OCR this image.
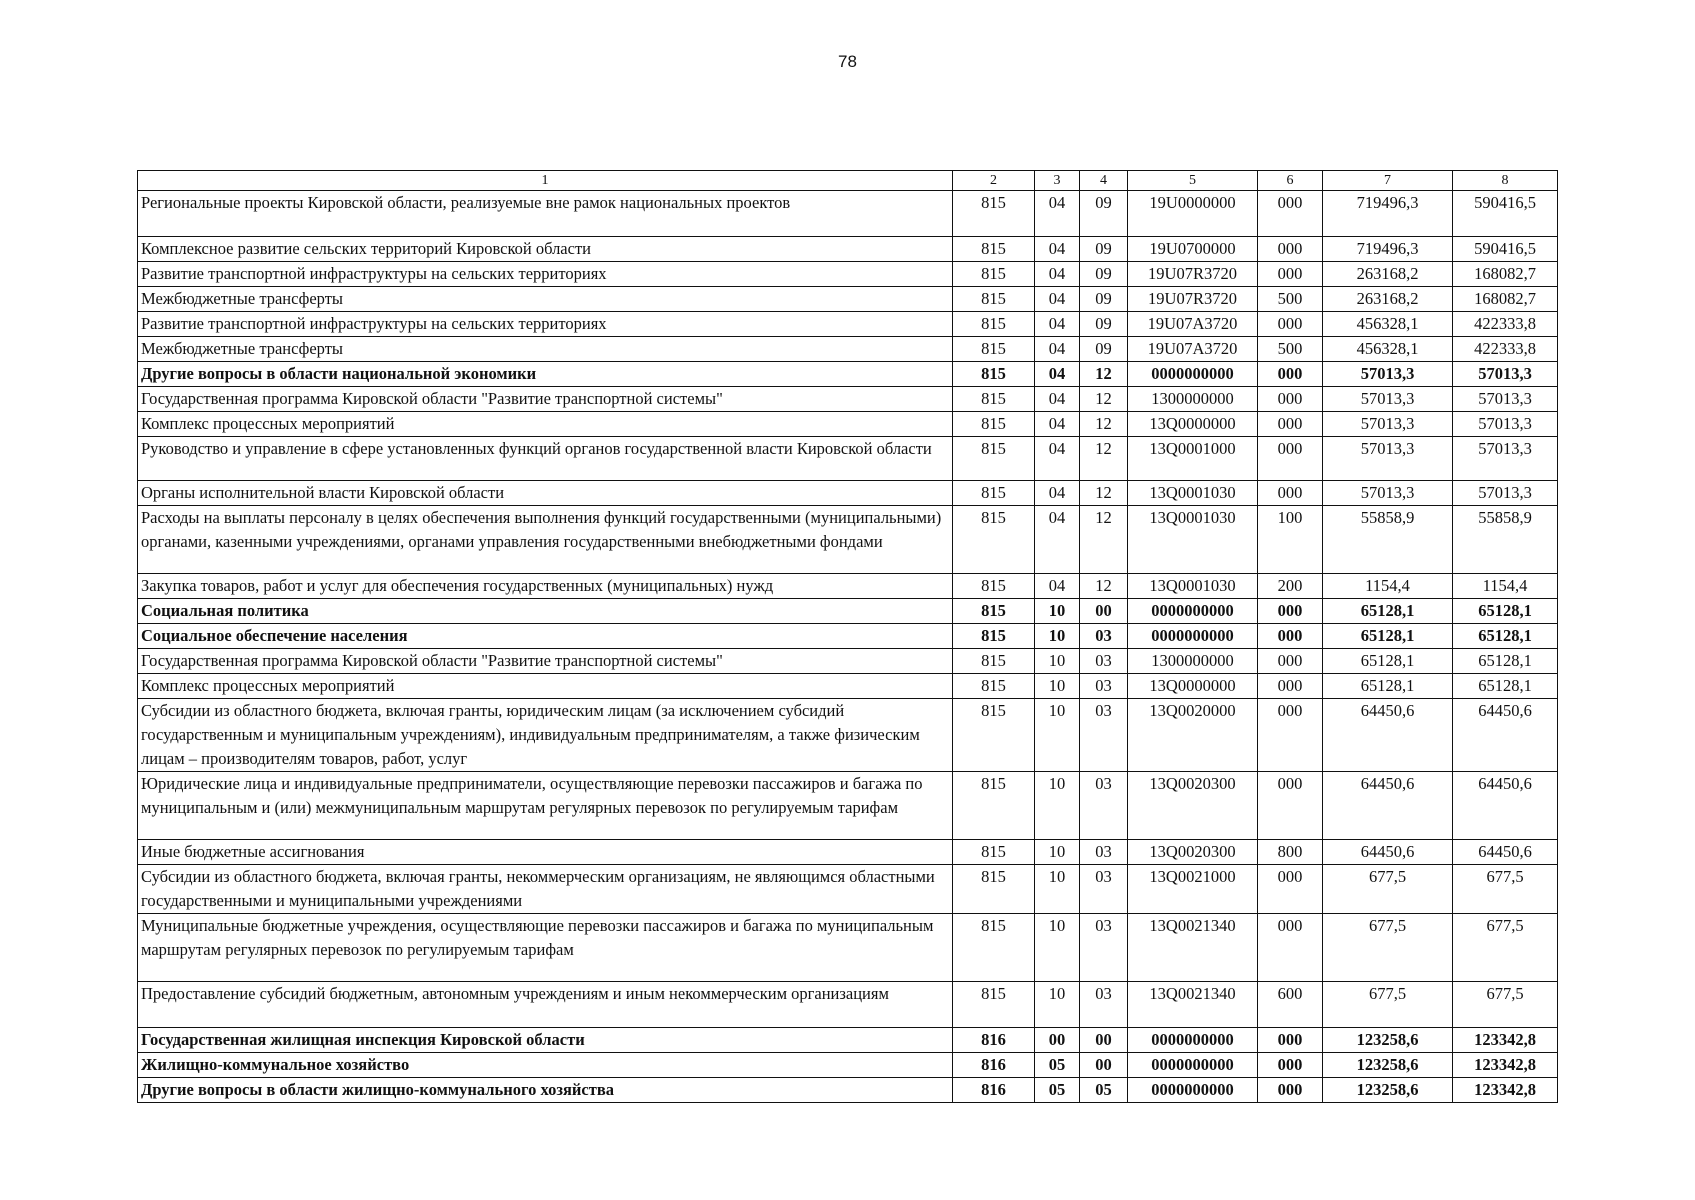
78
1	2	3	4	5	6	7	8
Региональные проекты Кировской области, реализуемые вне рамок национальных проектов	815	04	09	19U0000000	000	719496,3	590416,5
Комплексное развитие сельских территорий Кировской области	815	04	09	19U0700000	000	719496,3	590416,5
Развитие транспортной инфраструктуры на сельских территориях	815	04	09	19U07R3720	000	263168,2	168082,7
Межбюджетные трансферты	815	04	09	19U07R3720	500	263168,2	168082,7
Развитие транспортной инфраструктуры на сельских территориях	815	04	09	19U07A3720	000	456328,1	422333,8
Межбюджетные трансферты	815	04	09	19U07A3720	500	456328,1	422333,8
Другие вопросы в области национальной экономики	815	04	12	0000000000	000	57013,3	57013,3
Государственная программа Кировской области "Развитие транспортной системы"	815	04	12	1300000000	000	57013,3	57013,3
Комплекс процессных мероприятий	815	04	12	13Q0000000	000	57013,3	57013,3
Руководство и управление в сфере установленных функций органов государственной власти Кировской области	815	04	12	13Q0001000	000	57013,3	57013,3
Органы исполнительной власти Кировской области	815	04	12	13Q0001030	000	57013,3	57013,3
Расходы на выплаты персоналу в целях обеспечения выполнения функций государственными (муниципальными) органами, казенными учреждениями, органами управления государственными внебюджетными фондами	815	04	12	13Q0001030	100	55858,9	55858,9
Закупка товаров, работ и услуг для обеспечения государственных (муниципальных) нужд	815	04	12	13Q0001030	200	1154,4	1154,4
Социальная политика	815	10	00	0000000000	000	65128,1	65128,1
Социальное обеспечение населения	815	10	03	0000000000	000	65128,1	65128,1
Государственная программа Кировской области "Развитие транспортной системы"	815	10	03	1300000000	000	65128,1	65128,1
Комплекс процессных мероприятий	815	10	03	13Q0000000	000	65128,1	65128,1
Субсидии из областного бюджета, включая гранты, юридическим лицам (за исключением субсидий государственным и муниципальным учреждениям), индивидуальным предпринимателям, а также физическим лицам – производителям товаров, работ, услуг	815	10	03	13Q0020000	000	64450,6	64450,6
Юридические лица и индивидуальные предприниматели, осуществляющие перевозки пассажиров и багажа по муниципальным и (или) межмуниципальным маршрутам регулярных перевозок по регулируемым тарифам	815	10	03	13Q0020300	000	64450,6	64450,6
Иные бюджетные ассигнования	815	10	03	13Q0020300	800	64450,6	64450,6
Субсидии из областного бюджета, включая гранты, некоммерческим организациям, не являющимся областными государственными и муниципальными учреждениями	815	10	03	13Q0021000	000	677,5	677,5
Муниципальные бюджетные учреждения, осуществляющие перевозки пассажиров и багажа по муниципальным маршрутам регулярных перевозок по регулируемым тарифам	815	10	03	13Q0021340	000	677,5	677,5
Предоставление субсидий бюджетным, автономным учреждениям и иным некоммерческим организациям	815	10	03	13Q0021340	600	677,5	677,5
Государственная жилищная инспекция Кировской области	816	00	00	0000000000	000	123258,6	123342,8
Жилищно-коммунальное хозяйство	816	05	00	0000000000	000	123258,6	123342,8
Другие вопросы в области жилищно-коммунального хозяйства	816	05	05	0000000000	000	123258,6	123342,8
